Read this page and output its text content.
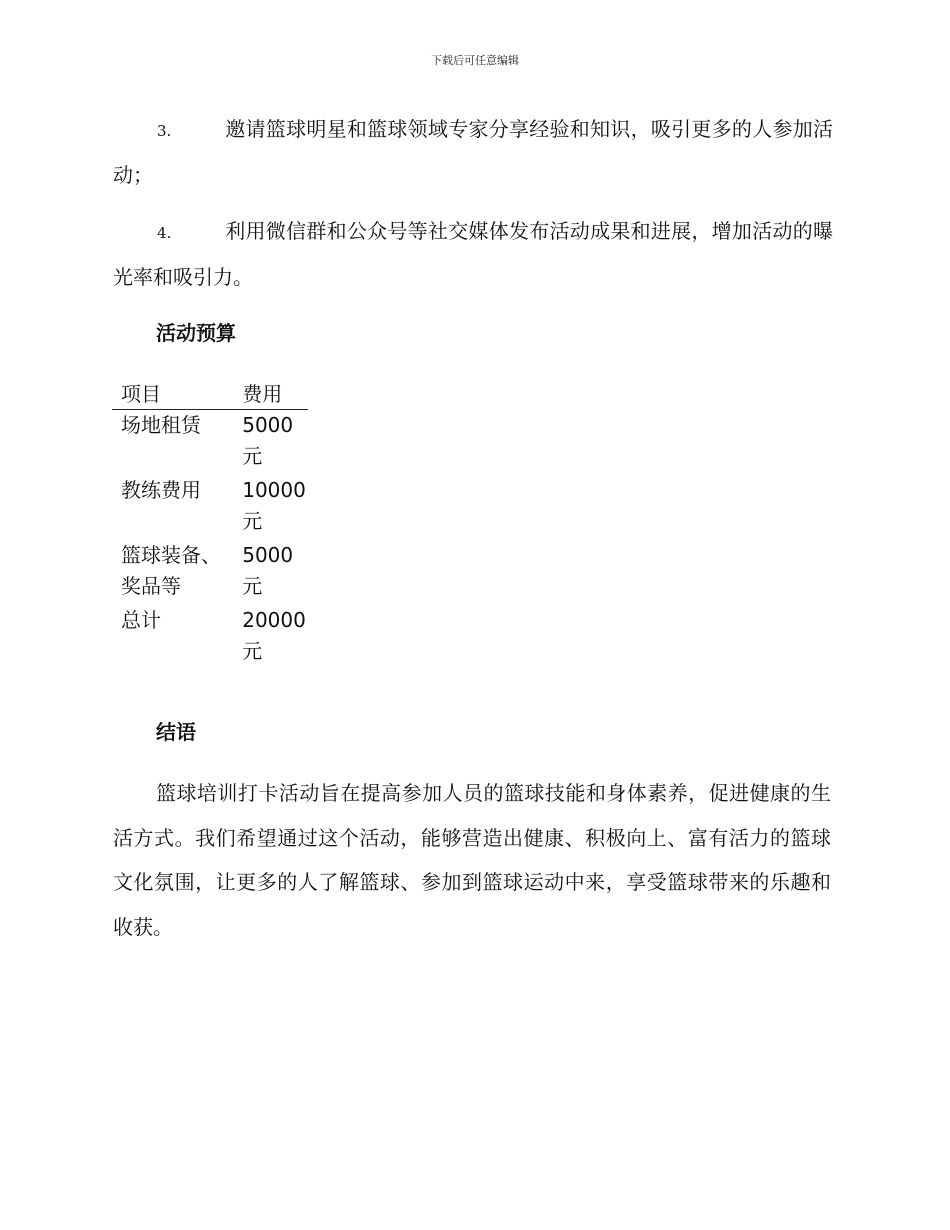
下载后可任意编辑
3.	邀请篮球明星和篮球领域专家分享经验和知识，吸引更多的人参加活动；
4.	利用微信群和公众号等社交媒体发布活动成果和进展，增加活动的曝光率和吸引力。
活动预算
项目	费用
场地租赁	5000元
教练费用	10000元
篮球装备、奖品等	5000元
总计	20000元
结语
篮球培训打卡活动旨在提高参加人员的篮球技能和身体素养，促进健康的生活方式。我们希望通过这个活动，能够营造出健康、积极向上、富有活力的篮球文化氛围，让更多的人了解篮球、参加到篮球运动中来，享受篮球带来的乐趣和收获。
